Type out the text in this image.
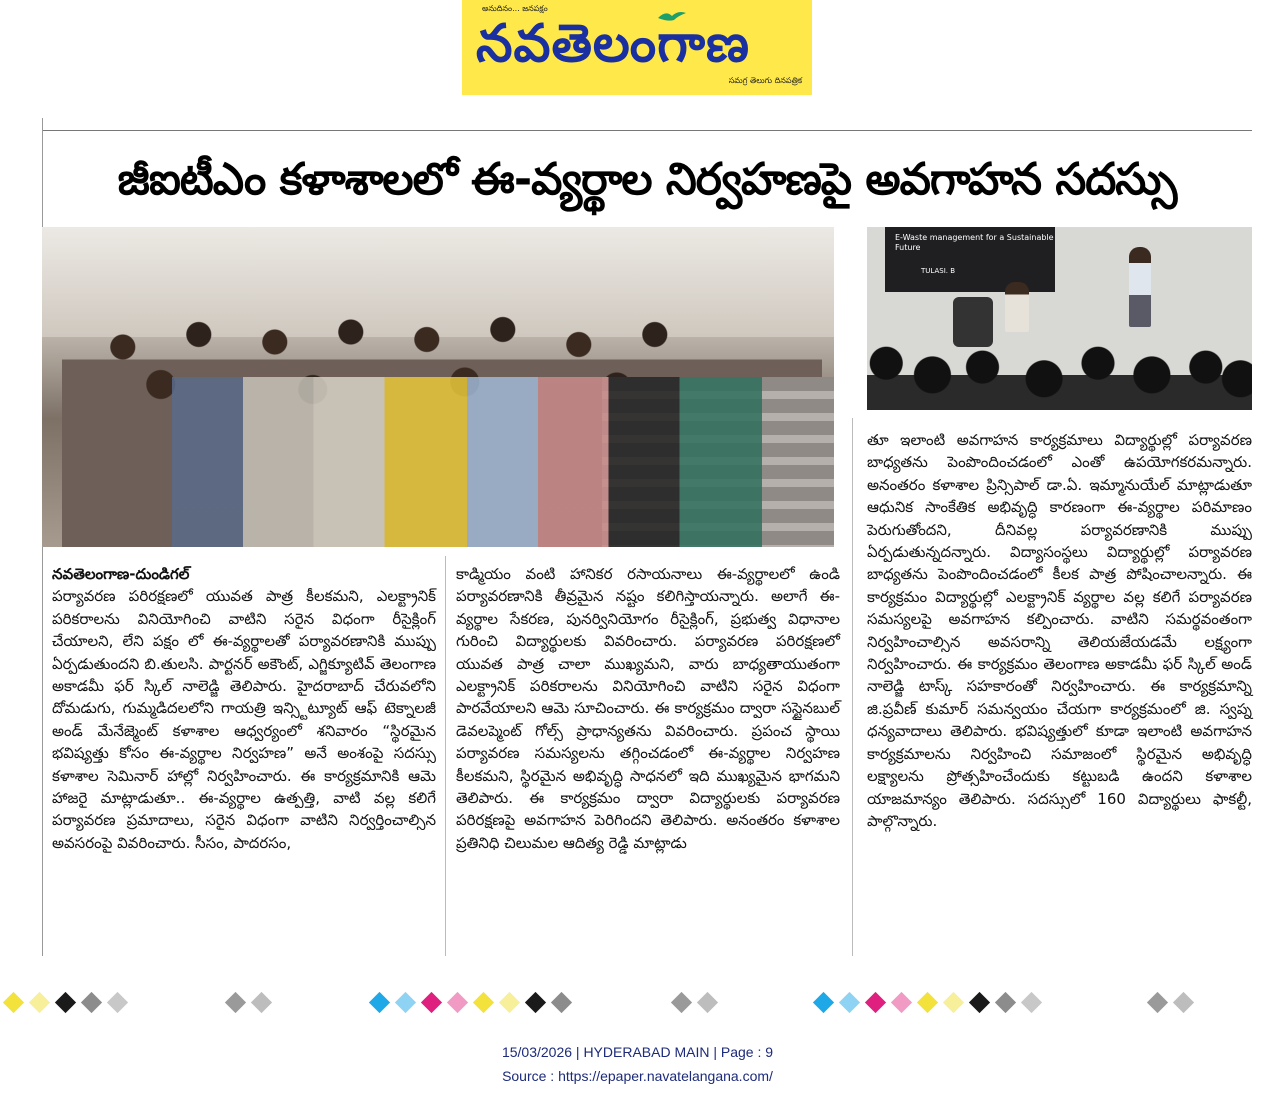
అనుదినం... జనపక్షం
నవతెలంగాణ
సమగ్ర తెలుగు దినపత్రిక
జీఐటీఎం కళాశాలలో ఈ-వ్యర్థాల నిర్వహణపై అవగాహన సదస్సు
E-Waste management for a Sustainable Future
TULASI. B

నవతెలంగాణ-దుండిగల్

పర్యావరణ పరిరక్షణలో యువత పాత్ర కీలకమని, ఎలక్ట్రానిక్ పరికరాలను వినియోగించి వాటిని సరైన విధంగా రీసైక్లింగ్ చేయాలని, లేని పక్షం లో ఈ-వ్యర్థాలతో పర్యావరణానికి ముప్పు ఏర్పడుతుందని బి.తులసి. పార్టనర్ అకౌంట్, ఎగ్జిక్యూటివ్ తెలంగాణ అకాడమీ ఫర్ స్కిల్ నాలెడ్జి తెలిపారు. హైదరాబాద్ చేరువలోని దోమడుగు, గుమ్మడిదలలోని గాయత్రి ఇన్స్టిట్యూట్ ఆఫ్ టెక్నాలజీ అండ్ మేనేజ్మెంట్ కళాశాల ఆధ్వర్యంలో శనివారం “స్థిరమైన భవిష్యత్తు కోసం ఈ-వ్యర్థాల నిర్వహణ” అనే అంశంపై సదస్సు కళాశాల సెమినార్ హాల్లో నిర్వహించారు. ఈ కార్యక్రమానికి ఆమె హాజరై మాట్లాడుతూ.. ఈ-వ్యర్థాల ఉత్పత్తి, వాటి వల్ల కలిగే పర్యావరణ ప్రమాదాలు, సరైన విధంగా వాటిని నిర్వర్తించాల్సిన అవసరంపై వివరించారు. సీసం, పాదరసం,

కాడ్మియం వంటి హానికర రసాయనాలు ఈ-వ్యర్థాలలో ఉండి పర్యావరణానికి తీవ్రమైన నష్టం కలిగిస్తాయన్నారు. అలాగే ఈ-వ్యర్థాల సేకరణ, పునర్వినియోగం రీసైక్లింగ్, ప్రభుత్వ విధానాల గురించి విద్యార్థులకు వివరించారు. పర్యావరణ పరిరక్షణలో యువత పాత్ర చాలా ముఖ్యమని, వారు బాధ్యతాయుతంగా ఎలక్ట్రానిక్ పరికరాలను వినియోగించి వాటిని సరైన విధంగా పారవేయాలని ఆమె సూచించారు. ఈ కార్యక్రమం ద్వారా సస్టైనబుల్ డెవలప్మెంట్ గోల్స్ ప్రాధాన్యతను వివరించారు. ప్రపంచ స్థాయి పర్యావరణ సమస్యలను తగ్గించడంలో ఈ-వ్యర్థాల నిర్వహణ కీలకమని, స్థిరమైన అభివృద్ధి సాధనలో ఇది ముఖ్యమైన భాగమని తెలిపారు. ఈ కార్యక్రమం ద్వారా విద్యార్థులకు పర్యావరణ పరిరక్షణపై అవగాహన పెరిగిందని తెలిపారు. అనంతరం కళాశాల ప్రతినిధి చిలుమల ఆదిత్య రెడ్డి మాట్లాడు

తూ ఇలాంటి అవగాహన కార్యక్రమాలు విద్యార్థుల్లో పర్యావరణ బాధ్యతను పెంపొందించడంలో ఎంతో ఉపయోగకరమన్నారు. అనంతరం కళాశాల ప్రిన్సిపాల్ డా.ఏ. ఇమ్మానుయేల్ మాట్లాడుతూ ఆధునిక సాంకేతిక అభివృద్ధి కారణంగా ఈ-వ్యర్థాల పరిమాణం పెరుగుతోందని, దీనివల్ల పర్యావరణానికి ముప్పు ఏర్పడుతున్నదన్నారు. విద్యాసంస్థలు విద్యార్థుల్లో పర్యావరణ బాధ్యతను పెంపొందించడంలో కీలక పాత్ర పోషించాలన్నారు. ఈ కార్యక్రమం విద్యార్థుల్లో ఎలక్ట్రానిక్ వ్యర్థాల వల్ల కలిగే పర్యావరణ సమస్యలపై అవగాహన కల్పించారు. వాటిని సమర్థవంతంగా నిర్వహించాల్సిన అవసరాన్ని తెలియజేయడమే లక్ష్యంగా నిర్వహించారు. ఈ కార్యక్రమం తెలంగాణ అకాడమీ ఫర్ స్కిల్ అండ్ నాలెడ్జి టాస్క్ సహకారంతో నిర్వహించారు. ఈ కార్యక్రమాన్ని జి.ప్రవీణ్ కుమార్ సమన్వయం చేయగా కార్యక్రమంలో జి. స్వప్న ధన్యవాదాలు తెలిపారు. భవిష్యత్తులో కూడా ఇలాంటి అవగాహన కార్యక్రమాలను నిర్వహించి సమాజంలో స్థిరమైన అభివృద్ధి లక్ష్యాలను ప్రోత్సహించేందుకు కట్టుబడి ఉందని కళాశాల యాజమాన్యం తెలిపారు. సదస్సులో 160 విద్యార్థులు ఫాకల్టీ, పాల్గొన్నారు.

15/03/2026 | HYDERABAD MAIN | Page : 9
Source : https://epaper.navatelangana.com/
